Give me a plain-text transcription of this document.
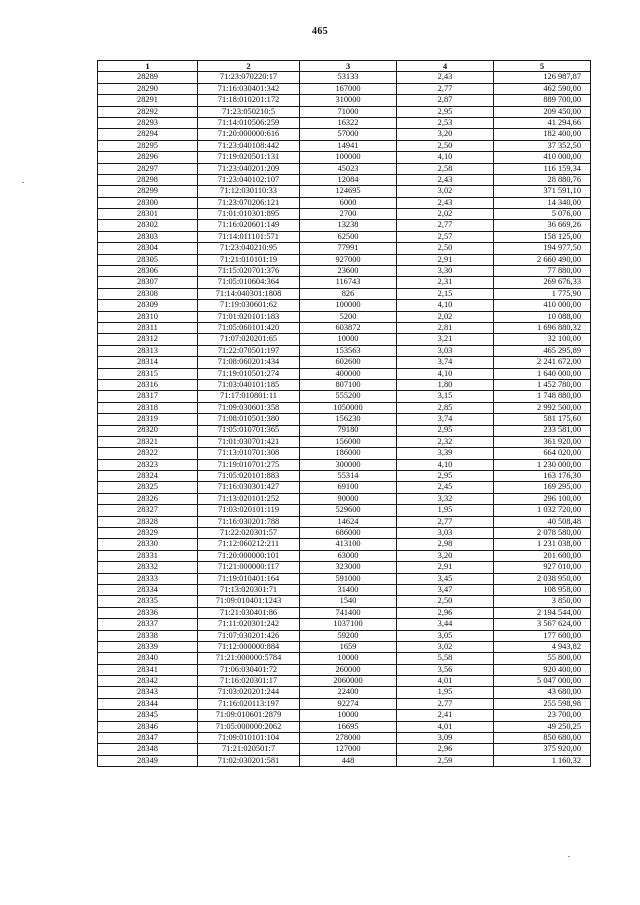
465
1	2	3	4	5
28289	71:23:070220:17	53133	2,43	126 987,87
28290	71:16:030401:342	167000	2,77	462 590,00
28291	71:18:010201:172	310000	2,87	889 700,00
28292	71:23:050210:5	71000	2,95	209 450,00
28293	71:14:010506:259	16322	2,53	41 294,66
28294	71:20:000000:616	57000	3,20	182 400,00
28295	71:23:040108:442	14941	2,50	37 352,50
28296	71:19:020501:131	100000	4,10	410 000,00
28297	71:23:040201:209	45023	2,58	116 159,34
28298	71:23:040102:107	12084	2,43	28 880,76
28299	71:12:030110:33	124695	3,02	371 591,10
28300	71:23:070206:121	6000	2,43	14 340,00
28301	71:01:010301:895	2700	2,02	5 076,00
28302	71:16:020601:149	13238	2,77	36 669,26
28303	71:14:011101:571	62500	2,57	158 125,00
28304	71:23:040210:95	77991	2,50	194 977,50
28305	71:21:010101:19	927000	2,91	2 660 490,00
28306	71:15:020701:376	23600	3,30	77 880,00
28307	71:05:010604:364	116743	2,31	269 676,33
28308	71:14:040301:1808	826	2,15	1 775,90
28309	71:19:030601:62	100000	4,10	410 000,00
28310	71:01:020101:183	5200	2,02	10 088,00
28311	71:05:060101:420	603872	2,81	1 696 880,32
28312	71:07:020201:65	10000	3,21	32 100,00
28313	71:22:070501:197	153563	3,03	465 295,89
28314	71:08:060201:434	602600	3,74	2 241 672,00
28315	71:19:010501:274	400000	4,10	1 640 000,00
28316	71:03:040101:185	807100	1,80	1 452 780,00
28317	71:17:010801:11	555200	3,15	1 748 880,00
28318	71:09:030601:358	1050000	2,85	2 992 500,00
28319	71:08:010501:380	156230	3,74	581 175,60
28320	71:05:010701:365	79180	2,95	233 581,00
28321	71:01:030701:421	156000	2,32	361 920,00
28322	71:13:010701:308	186000	3,39	664 020,00
28323	71:19:010701:275	300000	4,10	1 230 000,00
28324	71:05:020101:883	55314	2,95	163 176,30
28325	71:16:030301:427	69100	2,45	169 295,00
28326	71:13:020101:252	90000	3,32	296 100,00
28327	71:03:020101:119	529600	1,95	1 032 720,00
28328	71:16:030201:788	14624	2,77	40 508,48
28329	71:22:020301:57	686000	3,03	2 078 580,00
28330	71:12:060212:211	413100	2,98	1 231 038,00
28331	71:20:000000:101	63000	3,20	201 600,00
28332	71:21:000000:117	323000	2,91	927 010,00
28333	71:19:010401:164	591000	3,45	2 038 950,00
28334	71:13:020301:71	31400	3,47	108 958,00
28335	71:09:010401:1243	1540	2,50	3 850,00
28336	71:21:030401:86	741400	2,96	2 194 544,00
28337	71:11:020301:242	1037100	3,44	3 567 624,00
28338	71:07:030201:426	59200	3,05	177 600,00
28339	71:12:000000:884	1659	3,02	4 943,82
28340	71:21:000000:5784	10000	5,58	55 800,00
28341	71:06:030401:72	260000	3,56	920 400,00
28342	71:16:020301:17	2060000	4,01	5 047 000,00
28343	71:03:020201:244	22400	1,95	43 680,00
28344	71:16:020113:197	92274	2,77	255 598,98
28345	71:09:010601:2879	10000	2,41	23 700,00
28346	71:05:000000:2062	16695	4,01	49 250,25
28347	71:09:010101:104	278000	3,09	850 680,00
28348	71:21:020501:7	127000	2,96	375 920,00
28349	71:02:030201:581	448	2,59	1 160,32
